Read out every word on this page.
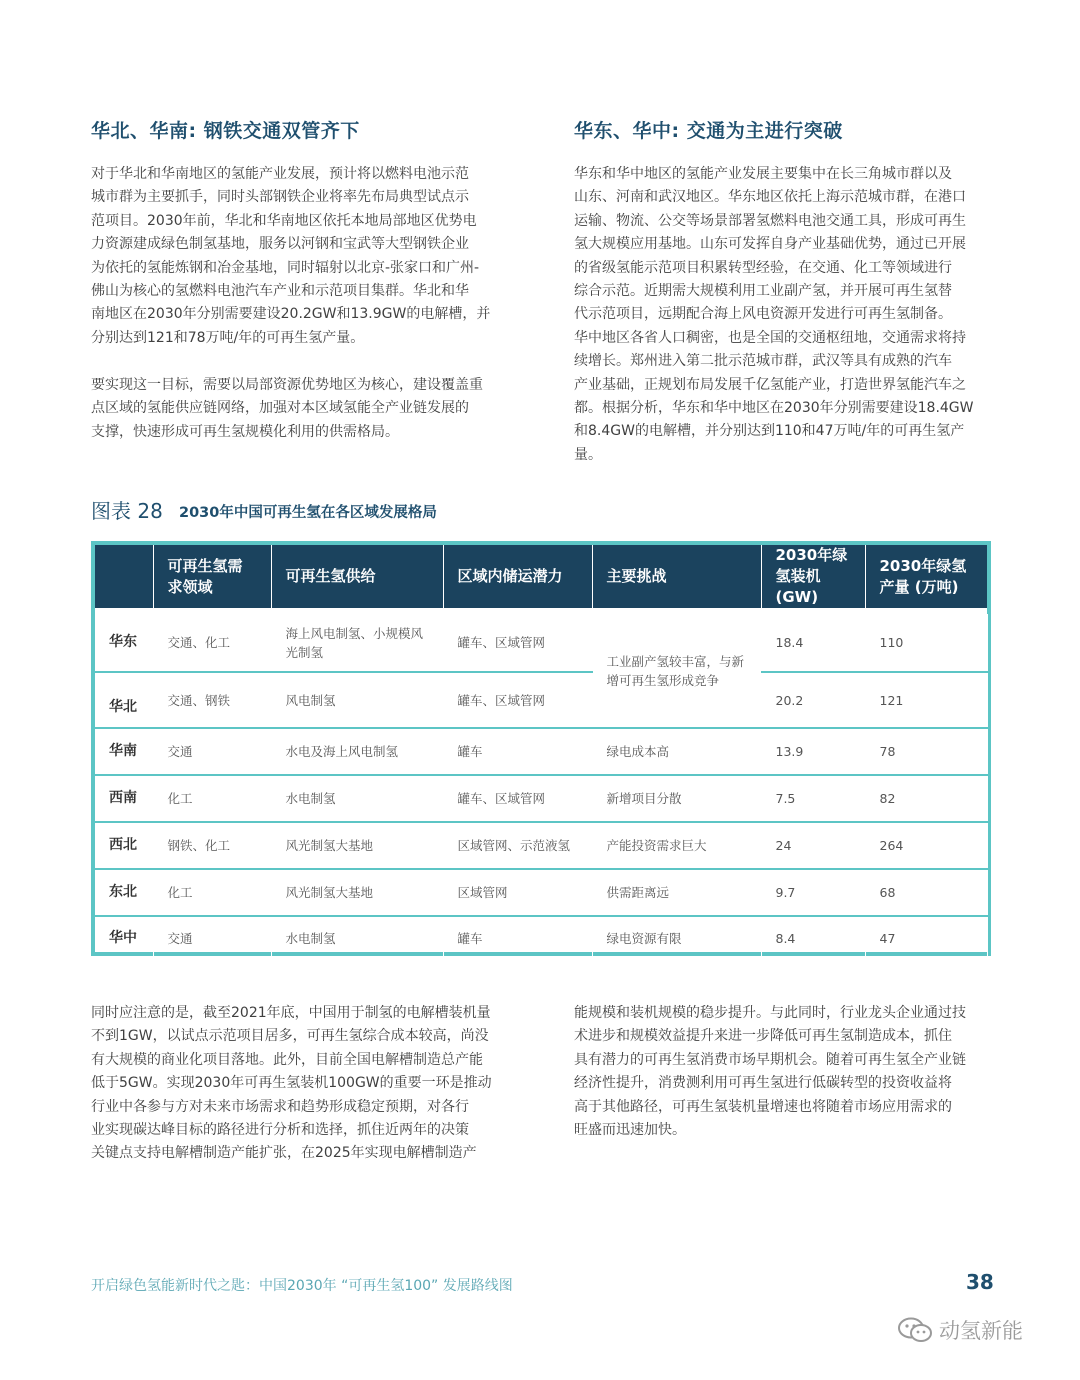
华北、华南: 钢铁交通双管齐下	华东、华中: 交通为主进行突破
对于华北和华南地区的氢能产业发展，预计将以燃料电池示范
城市群为主要抓手，同时头部钢铁企业将率先布局典型试点示
范项目。2030年前，华北和华南地区依托本地局部地区优势电
力资源建成绿色制氢基地，服务以河钢和宝武等大型钢铁企业
为依托的氢能炼钢和冶金基地，同时辐射以北京-张家口和广州-
佛山为核心的氢燃料电池汽车产业和示范项目集群。华北和华
南地区在2030年分别需要建设20.2GW和13.9GW的电解槽，并
分别达到121和78万吨/年的可再生氢产量。
要实现这一目标，需要以局部资源优势地区为核心，建设覆盖重
点区域的氢能供应链网络，加强对本区域氢能全产业链发展的
支撑，快速形成可再生氢规模化利用的供需格局。
华东和华中地区的氢能产业发展主要集中在长三角城市群以及
山东、河南和武汉地区。华东地区依托上海示范城市群，在港口
运输、物流、公交等场景部署氢燃料电池交通工具，形成可再生
氢大规模应用基地。山东可发挥自身产业基础优势，通过已开展
的省级氢能示范项目积累转型经验，在交通、化工等领域进行
综合示范。近期需大规模利用工业副产氢，并开展可再生氢替
代示范项目，远期配合海上风电资源开发进行可再生氢制备。
华中地区各省人口稠密，也是全国的交通枢纽地，交通需求将持
续增长。郑州进入第二批示范城市群，武汉等具有成熟的汽车
产业基础，正规划布局发展千亿氢能产业，打造世界氢能汽车之
都。根据分析，华东和华中地区在2030年分别需要建设18.4GW
和8.4GW的电解槽，并分别达到110和47万吨/年的可再生氢产
量。
图表 28 2030年中国可再生氢在各区域发展格局
	可再生氢需求领域	可再生氢供给	区域内储运潜力	主要挑战	2030年绿氢装机 (GW)	2030年绿氢产量 (万吨)

华东	交通、化工	海上风电制氢、小规模风光制氢	罐车、区域管网	工业副产氢较丰富，与新增可再生氢形成竞争	18.4	110
华北	交通、钢铁	风电制氢	罐车、区域管网		20.2	121
华南	交通	水电及海上风电制氢	罐车	绿电成本高	13.9	78
西南	化工	水电制氢	罐车、区域管网	新增项目分散	7.5	82
西北	钢铁、化工	风光制氢大基地	区域管网、示范液氢	产能投资需求巨大	24	264
东北	化工	风光制氢大基地	区域管网	供需距离远	9.7	68
华中	交通	水电制氢	罐车	绿电资源有限	8.4	47
同时应注意的是，截至2021年底，中国用于制氢的电解槽装机量
不到1GW，以试点示范项目居多，可再生氢综合成本较高，尚没
有大规模的商业化项目落地。此外，目前全国电解槽制造总产能
低于5GW。实现2030年可再生氢装机100GW的重要一环是推动
行业中各参与方对未来市场需求和趋势形成稳定预期，对各行
业实现碳达峰目标的路径进行分析和选择，抓住近两年的决策
关键点支持电解槽制造产能扩张，在2025年实现电解槽制造产
能规模和装机规模的稳步提升。与此同时，行业龙头企业通过技
术进步和规模效益提升来进一步降低可再生氢制造成本，抓住
具有潜力的可再生氢消费市场早期机会。随着可再生氢全产业链
经济性提升，消费测利用可再生氢进行低碳转型的投资收益将
高于其他路径，可再生氢装机量增速也将随着市场应用需求的
旺盛而迅速加快。
开启绿色氢能新时代之匙：中国2030年 “可再生氢100” 发展路线图	38
动氢新能
